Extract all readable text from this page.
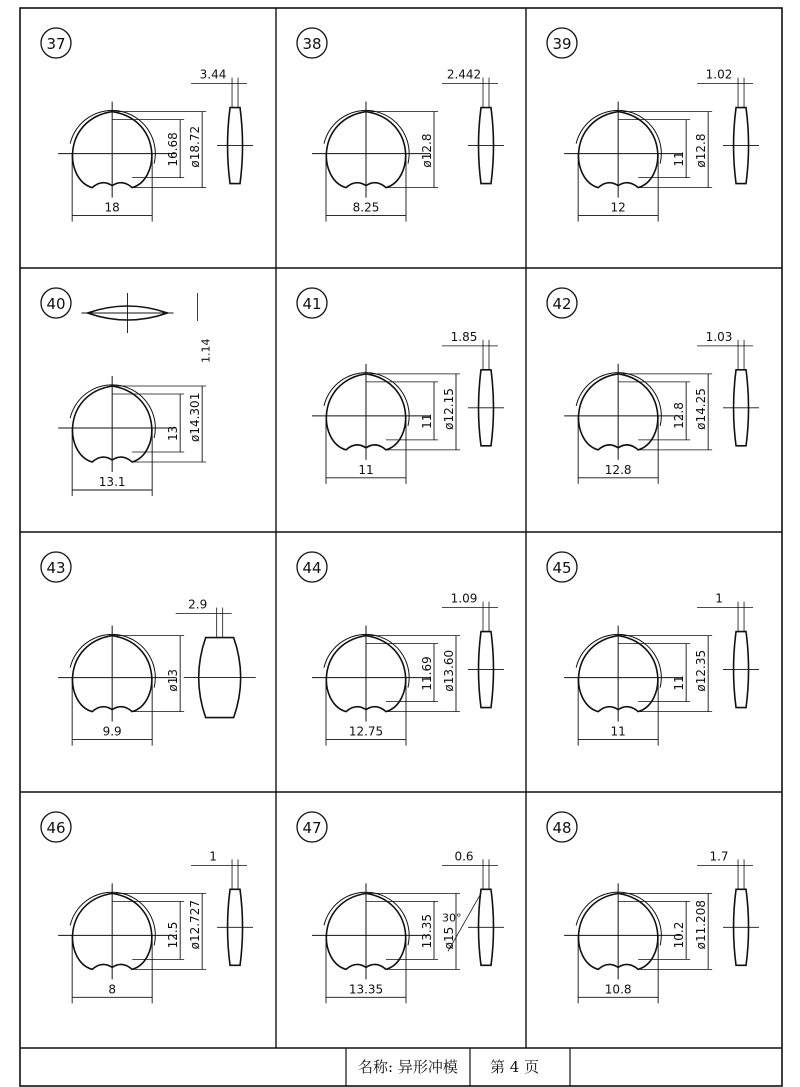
名称: 异形冲模 第 4 页
37
18
16.68 ø18.72
3.44
38
8.25
ø12.8
2.442
39
12
11 ø12.8
1.02
40
13.1
13 ø14.301
1.14
41
11
11 ø12.15
1.85
42
12.8
12.8 ø14.25
1.03
43
9.9
ø13
2.9
44
12.75
11.69 ø13.60
1.09
45
11
11 ø12.35
1
46
8
12.5 ø12.727
1
47
13.35
13.35 ø15
0.6
30°
48
10.8
10.2 ø11.208
1.7
